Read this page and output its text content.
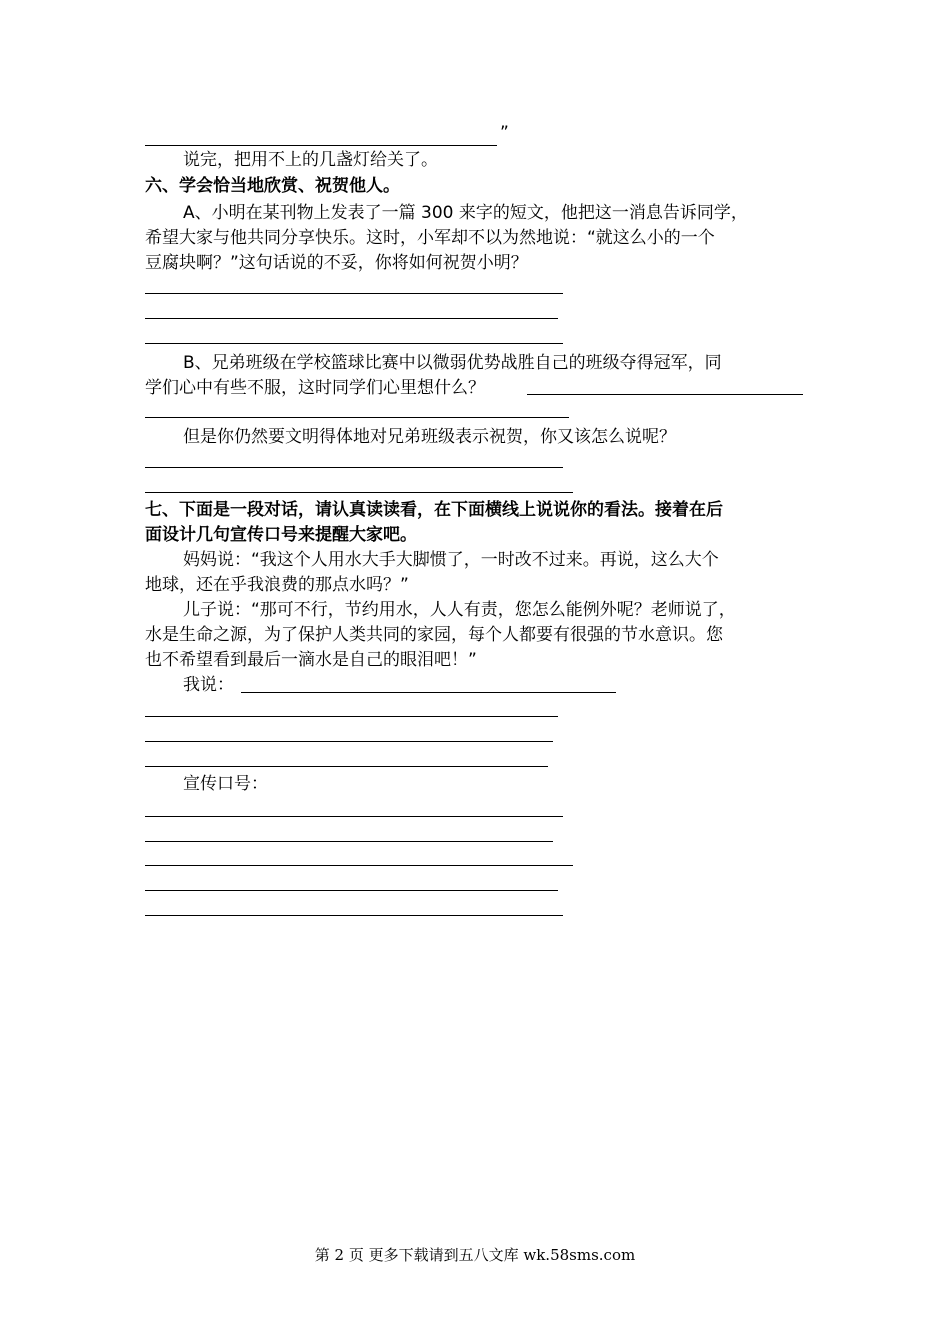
”
说完，把用不上的几盏灯给关了。
六、学会恰当地欣赏、祝贺他人。
A、小明在某刊物上发表了一篇 300 来字的短文，他把这一消息告诉同学，
希望大家与他共同分享快乐。这时，小军却不以为然地说：“就这么小的一个
豆腐块啊？”这句话说的不妥，你将如何祝贺小明？
B、兄弟班级在学校篮球比赛中以微弱优势战胜自己的班级夺得冠军，同
学们心中有些不服，这时同学们心里想什么？
但是你仍然要文明得体地对兄弟班级表示祝贺，你又该怎么说呢？
七、下面是一段对话，请认真读读看，在下面横线上说说你的看法。接着在后
面设计几句宣传口号来提醒大家吧。
妈妈说：“我这个人用水大手大脚惯了，一时改不过来。再说，这么大个
地球，还在乎我浪费的那点水吗？”
儿子说：“那可不行，节约用水，人人有责，您怎么能例外呢？老师说了，
水是生命之源，为了保护人类共同的家园，每个人都要有很强的节水意识。您
也不希望看到最后一滴水是自己的眼泪吧！”
我说：
宣传口号：
第 2 页 更多下载请到五八文库 wk.58sms.com
